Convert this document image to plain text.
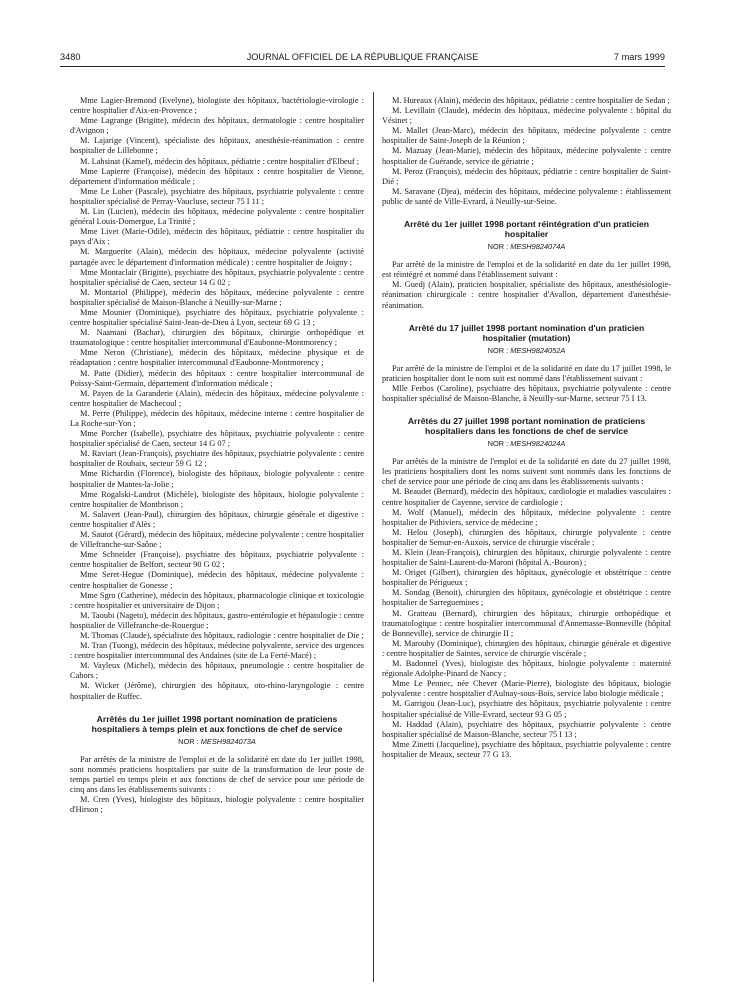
3480	JOURNAL OFFICIEL DE LA RÉPUBLIQUE FRANÇAISE	7 mars 1999

Mme Lagier-Bremond (Evelyne), biologiste des hôpitaux, bactériologie-virologie : centre hospitalier d'Aix-en-Provence ;

Mme Lagrange (Brigitte), médecin des hôpitaux, dermatologie : centre hospitalier d'Avignon ;

M. Lajarige (Vincent), spécialiste des hôpitaux, anesthésie-réanimation : centre hospitalier de Lillebonne ;

M. Lahsinat (Kamel), médecin des hôpitaux, pédiatrie : centre hospitalier d'Elbeuf ;

Mme Lapierre (Françoise), médecin des hôpitaux : centre hospitalier de Vienne, département d'information médicale ;

Mme Le Loher (Pascale), psychiatre des hôpitaux, psychiatrie polyvalente : centre hospitalier spécialisé de Perray-Vaucluse, secteur 75 I 11 ;

M. Lin (Lucien), médecin des hôpitaux, médecine polyvalente : centre hospitalier général Louis-Domergue, La Trinité ;

Mme Livet (Marie-Odile), médecin des hôpitaux, pédiatrie : centre hospitalier du pays d'Aix ;

M. Marguerite (Alain), médecin des hôpitaux, médecine polyvalente (activité partagée avec le département d'information médicale) : centre hospitalier de Joigny ;

Mme Montaclair (Brigitte), psychiatre des hôpitaux, psychiatrie polyvalente : centre hospitalier spécialisé de Caen, secteur 14 G 02 ;

M. Montariol (Philippe), médecin des hôpitaux, médecine polyvalente : centre hospitalier spécialisé de Maison-Blanche à Neuilly-sur-Marne ;

Mme Mounier (Dominique), psychiatre des hôpitaux, psychiatrie polyvalente : centre hospitalier spécialisé Saint-Jean-de-Dieu à Lyon, secteur 69 G 13 ;

M. Naamani (Bachar), chirurgien des hôpitaux, chirurgie orthopédique et traumatologique : centre hospitalier intercommunal d'Eaubonne-Montmorency ;

Mme Neron (Christiane), médecin des hôpitaux, médecine physique et de réadaptation : centre hospitalier intercommunal d'Eaubonne-Montmorency ;

M. Patte (Didier), médecin des hôpitaux : centre hospitalier intercommunal de Poissy-Saint-Germain, département d'information médicale ;

M. Payen de la Garanderie (Alain), médecin des hôpitaux, médecine polyvalente : centre hospitalier de Machecoul ;

M. Perre (Philippe), médecin des hôpitaux, médecine interne : centre hospitalier de La Roche-sur-Yon ;

Mme Porcher (Isabelle), psychiatre des hôpitaux, psychiatrie polyvalente : centre hospitalier spécialisé de Caen, secteur 14 G 07 ;

M. Raviart (Jean-François), psychiatre des hôpitaux, psychiatrie polyvalente : centre hospitalier de Roubaix, secteur 59 G 12 ;

Mme Richardin (Florence), biologiste des hôpitaux, biologie polyvalente : centre hospitalier de Mantes-la-Jolie ;

Mme Rogalski-Landrot (Michèle), biologiste des hôpitaux, biologie polyvalente : centre hospitalier de Montbrison ;

M. Salavert (Jean-Paul), chirurgien des hôpitaux, chirurgie générale et digestive : centre hospitalier d'Alès ;

M. Sautot (Gérard), médecin des hôpitaux, médecine polyvalente : centre hospitalier de Villefranche-sur-Saône ;

Mme Schneider (Françoise), psychiatre des hôpitaux, psychiatrie polyvalente : centre hospitalier de Belfort, secteur 90 G 02 ;

Mme Seret-Hegue (Dominique), médecin des hôpitaux, médecine polyvalente : centre hospitalier de Gonesse ;

Mme Sgro (Catherine), médecin des hôpitaux, pharmacologie clinique et toxicologie : centre hospitalier et universitaire de Dijon ;

M. Taoubi (Nageto), médecin des hôpitaux, gastro-entérologie et hépatologie : centre hospitalier de Villefranche-de-Rouergue ;

M. Thomas (Claude), spécialiste des hôpitaux, radiologie : centre hospitalier de Die ;

M. Tran (Tuong), médecin des hôpitaux, médecine polyvalente, service des urgences : centre hospitalier intercommunal des Andaines (site de La Ferté-Macé) ;

M. Vayleux (Michel), médecin des hôpitaux, pneumologie : centre hospitalier de Cahors ;

M. Wicker (Jérôme), chirurgien des hôpitaux, oto-rhino-laryngologie : centre hospitalier de Ruffec.

Arrêtés du 1er juillet 1998 portant nomination de praticiens hospitaliers à temps plein et aux fonctions de chef de service
NOR : MESH9824073A

Par arrêtés de la ministre de l'emploi et de la solidarité en date du 1er juillet 1998, sont nommés praticiens hospitaliers par suite de la transformation de leur poste de temps partiel en temps plein et aux fonctions de chef de service pour une période de cinq ans dans les établissements suivants :

M. Cren (Yves), biologiste des hôpitaux, biologie polyvalente : centre hospitalier d'Hirson ;

M. Hureaux (Alain), médecin des hôpitaux, pédiatrie : centre hospitalier de Sedan ;

M. Levillain (Claude), médecin des hôpitaux, médecine polyvalente : hôpital du Vésinet ;

M. Mallet (Jean-Marc), médecin des hôpitaux, médecine polyvalente : centre hospitalier de Saint-Joseph de la Réunion ;

M. Mazuay (Jean-Marie), médecin des hôpitaux, médecine polyvalente : centre hospitalier de Guérande, service de gériatrie ;

M. Peroz (François), médecin des hôpitaux, pédiatrie : centre hospitalier de Saint-Dié ;

M. Saravane (Djea), médecin des hôpitaux, médecine polyvalente : établissement public de santé de Ville-Evrard, à Neuilly-sur-Seine.

Arrêté du 1er juillet 1998 portant réintégration d'un praticien hospitalier
NOR : MESH9824074A

Par arrêté de la ministre de l'emploi et de la solidarité en date du 1er juillet 1998, est réintégré et nommé dans l'établissement suivant :

M. Guedj (Alain), praticien hospitalier, spécialiste des hôpitaux, anesthésiologie-réanimation chirurgicale : centre hospitalier d'Avallon, département d'anesthésie-réanimation.

Arrêté du 17 juillet 1998 portant nomination d'un praticien hospitalier (mutation)
NOR : MESH9824052A

Par arrêté de la ministre de l'emploi et de la solidarité en date du 17 juillet 1998, le praticien hospitalier dont le nom suit est nommé dans l'établissement suivant :

Mlle Ferbos (Caroline), psychiatre des hôpitaux, psychiatrie polyvalente : centre hospitalier spécialisé de Maison-Blanche, à Neuilly-sur-Marne, secteur 75 I 13.

Arrêtés du 27 juillet 1998 portant nomination de praticiens hospitaliers dans les fonctions de chef de service
NOR : MESH9824024A

Par arrêtés de la ministre de l'emploi et de la solidarité en date du 27 juillet 1998, les praticiens hospitaliers dont les noms suivent sont nommés dans les fonctions de chef de service pour une période de cinq ans dans les établissements suivants :

M. Beaudet (Bernard), médecin des hôpitaux, cardiologie et maladies vasculaires : centre hospitalier de Cayenne, service de cardiologie ;

M. Wolf (Manuel), médecin des hôpitaux, médecine polyvalente : centre hospitalier de Pithiviers, service de médecine ;

M. Helou (Joseph), chirurgien des hôpitaux, chirurgie polyvalente : centre hospitalier de Semur-en-Auxois, service de chirurgie viscérale ;

M. Klein (Jean-François), chirurgien des hôpitaux, chirurgie polyvalente : centre hospitalier de Saint-Laurent-du-Maroni (hôpital A.-Bouron) ;

M. Origet (Gilbert), chirurgien des hôpitaux, gynécologie et obstétrique : centre hospitalier de Périgueux ;

M. Sondag (Benoit), chirurgien des hôpitaux, gynécologie et obstétrique : centre hospitalier de Sarreguemines ;

M. Gratteau (Bernard), chirurgien des hôpitaux, chirurgie orthopédique et traumatologique : centre hospitalier intercommunal d'Annemasse-Bonneville (hôpital de Bonneville), service de chirurgie II ;

M. Marouby (Dominique), chirurgien des hôpitaux, chirurgie générale et digestive : centre hospitalier de Saintes, service de chirurgie viscérale ;

M. Badonnel (Yves), biologiste des hôpitaux, biologie polyvalente : maternité régionale Adolphe-Pinard de Nancy ;

Mme Le Pennec, née Chever (Marie-Pierre), biologiste des hôpitaux, biologie polyvalente : centre hospitalier d'Aulnay-sous-Bois, service labo biologie médicale ;

M. Garrigou (Jean-Luc), psychiatre des hôpitaux, psychiatrie polyvalente : centre hospitalier spécialisé de Ville-Evrard, secteur 93 G 05 ;

M. Haddad (Alain), psychiatre des hôpitaux, psychiatrie polyvalente : centre hospitalier spécialisé de Maison-Blanche, secteur 75 I 13 ;

Mme Zinetti (Jacqueline), psychiatre des hôpitaux, psychiatrie polyvalente : centre hospitalier de Meaux, secteur 77 G 13.
